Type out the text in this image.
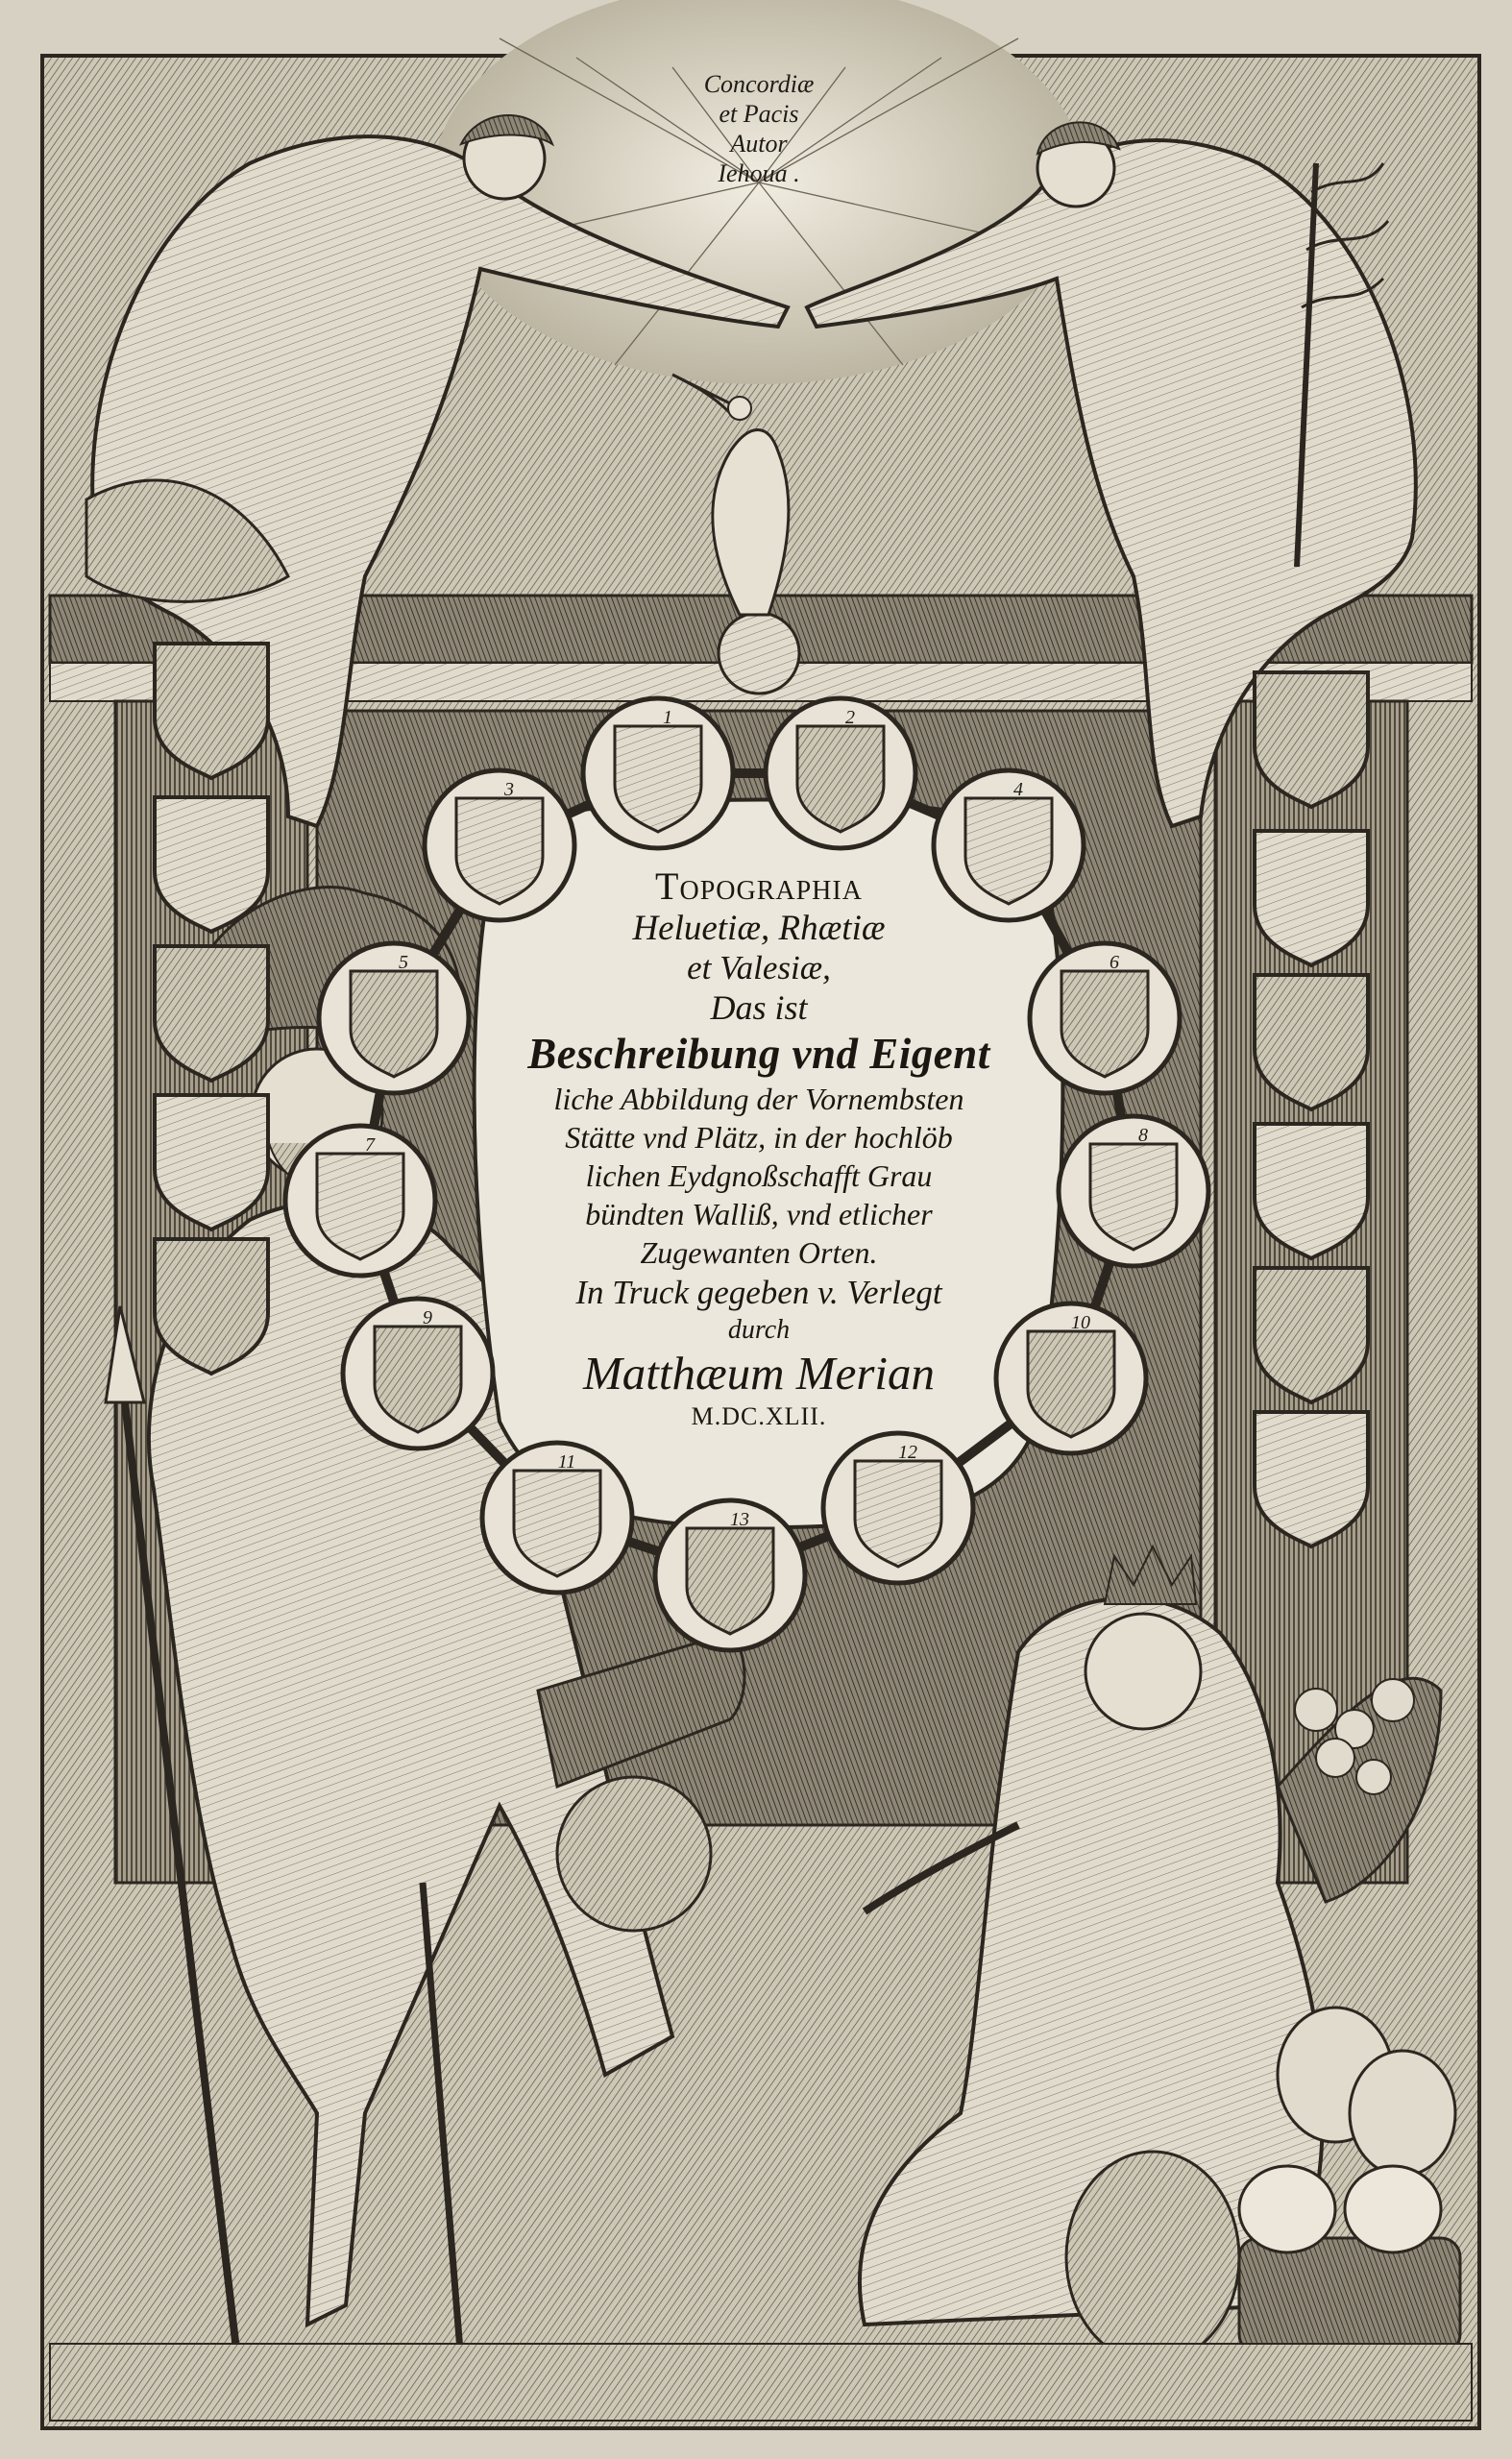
1	2
4
6
8
10
12
13
11
9
7
5
3
Concordiæ
et Pacis
Autor
Iehoua .
Topographia
Heluetiæ, Rhætiæ
et Valesiæ,
Das ist
Beschreibung vnd Eigent
liche Abbildung der Vornembsten
Stätte vnd Plätz, in der hochlöb
lichen Eydgnoßschafft Grau
bündten Walliß, vnd etlicher
Zugewanten Orten.
In Truck gegeben v. Verlegt
durch
Matthæum Merian
M.DC.XLII.
